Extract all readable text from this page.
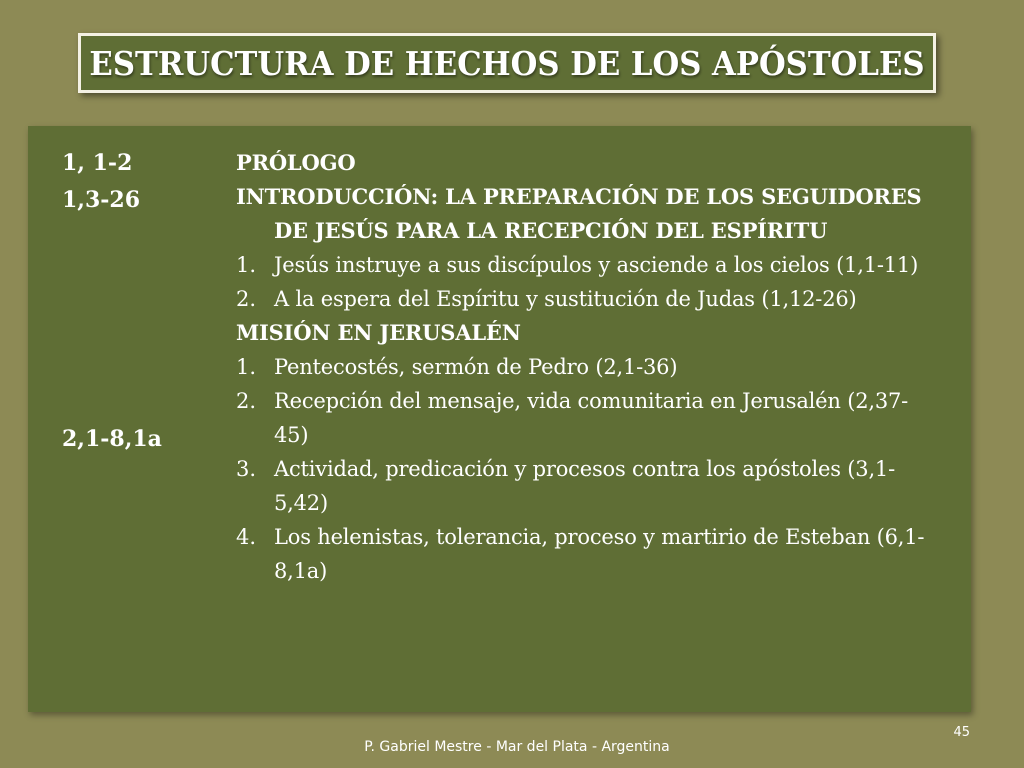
ESTRUCTURA DE HECHOS DE LOS APÓSTOLES
1, 1-2
1,3-26
2,1-8,1a

PRÓLOGO

INTRODUCCIÓN: LA PREPARACIÓN DE LOS SEGUIDORES DE JESÚS PARA LA RECEPCIÓN DEL ESPÍRITU

1. Jesús instruye a sus discípulos y asciende a los cielos (1,1-11)
2. A la espera del Espíritu y sustitución de Judas (1,12-26)

MISIÓN EN JERUSALÉN

1. Pentecostés, sermón de Pedro (2,1-36)
2. Recepción del mensaje, vida comunitaria en Jerusalén (2,37-45)
3. Actividad, predicación y procesos contra los apóstoles (3,1-5,42)
4. Los helenistas, tolerancia, proceso y martirio de Esteban (6,1-8,1a)
45
P. Gabriel Mestre - Mar del Plata - Argentina
